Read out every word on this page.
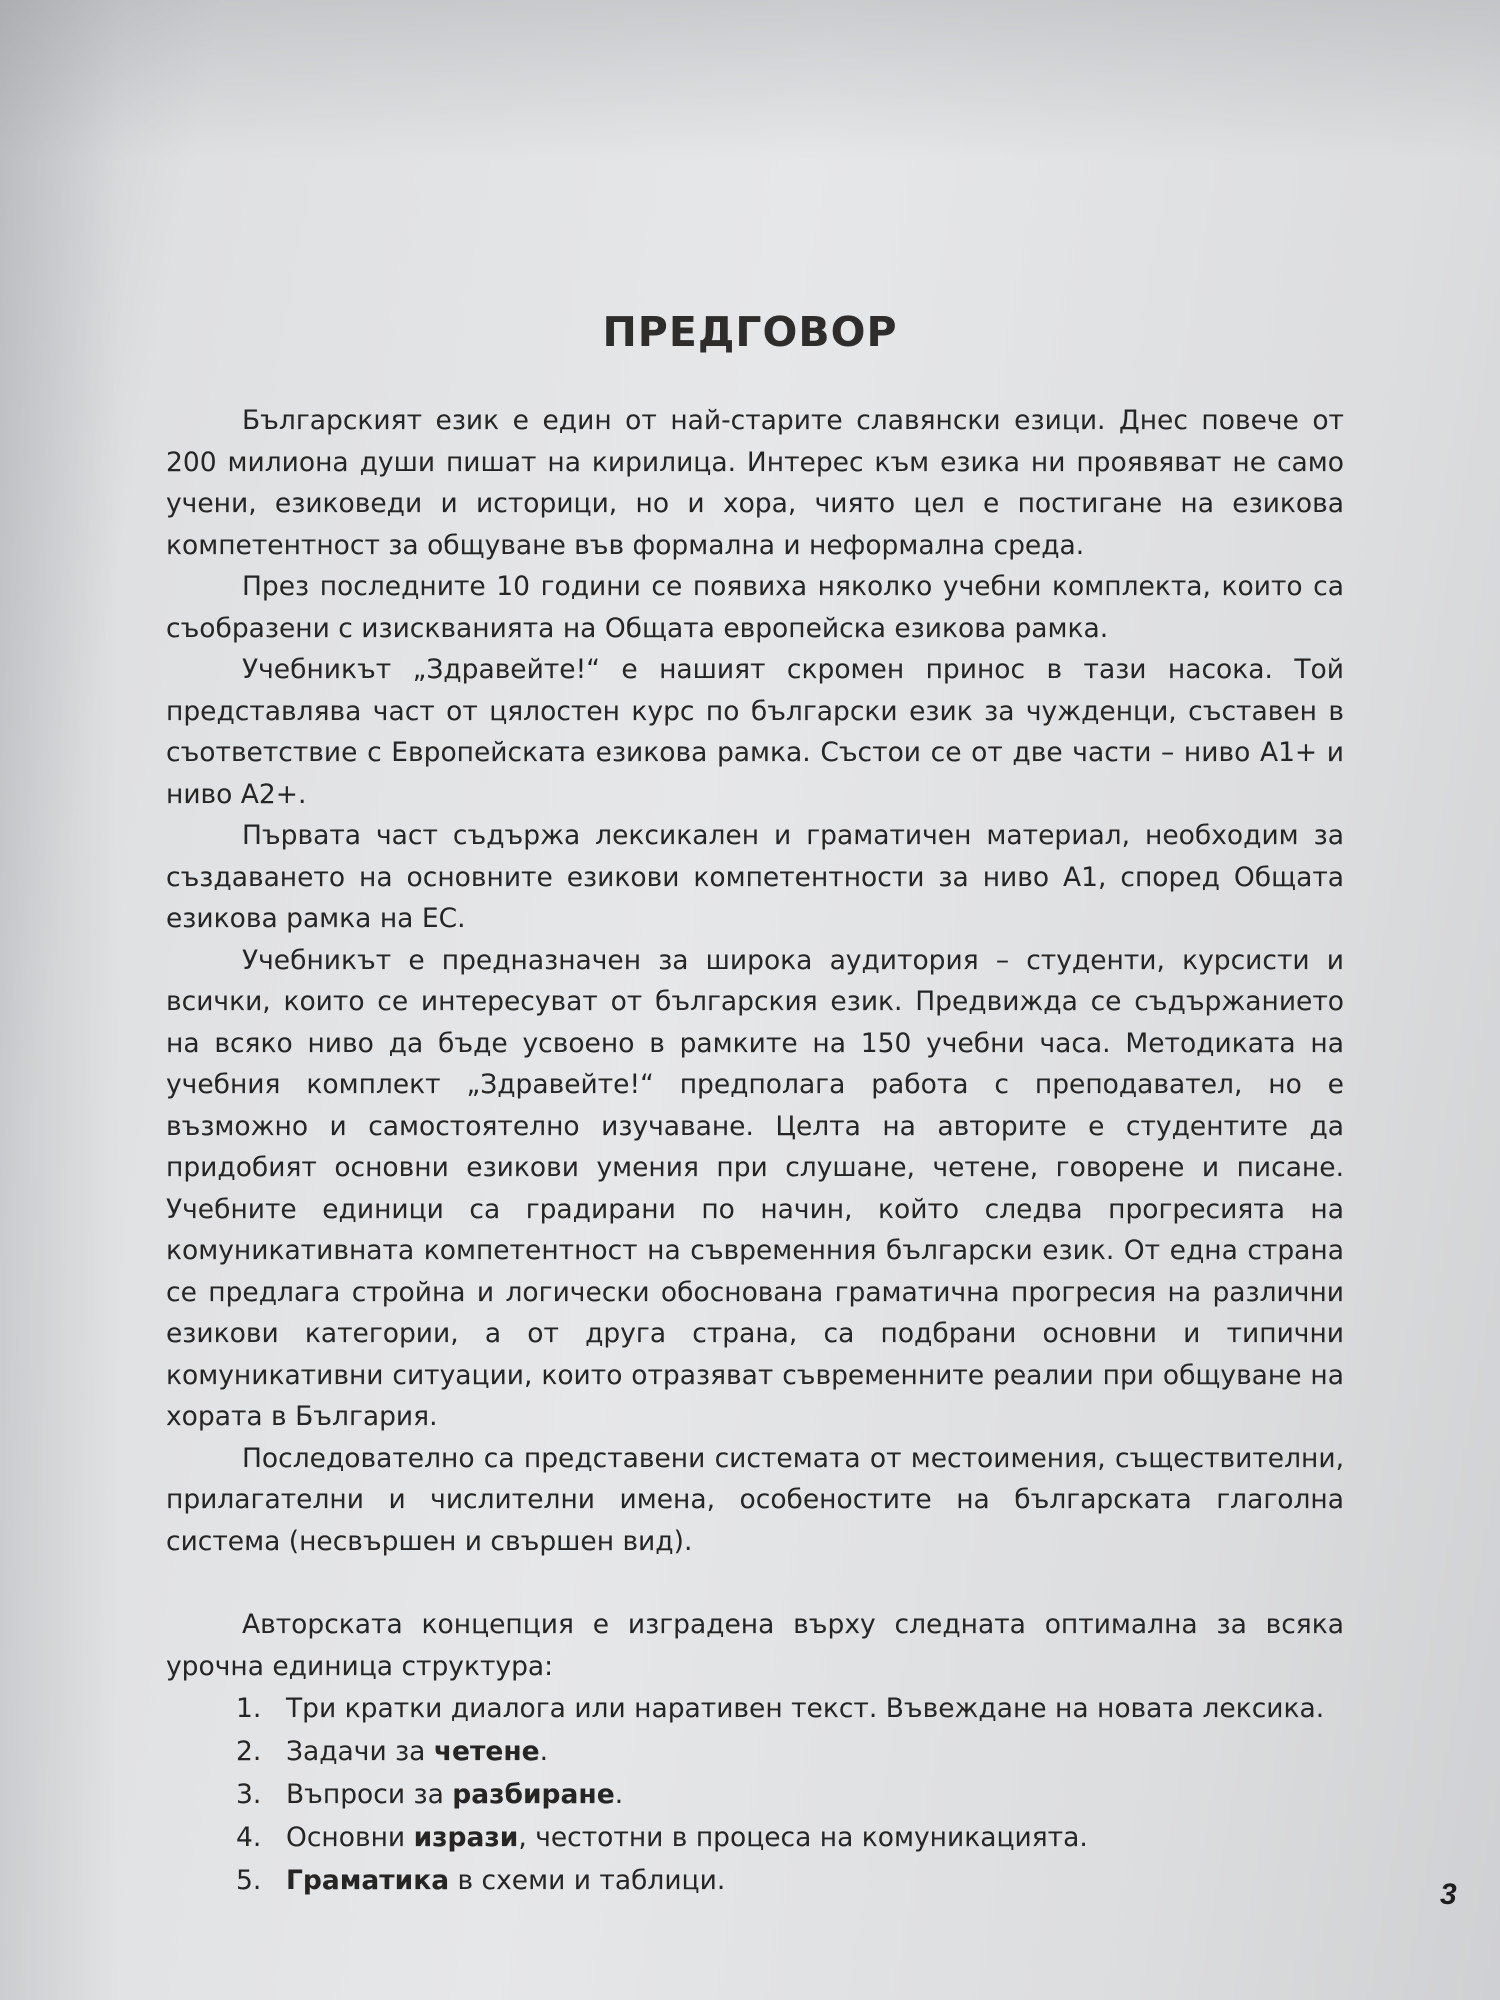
ПРЕДГОВОР

Българският език е един от най-старите славянски езици. Днес повече от 200 милиона души пишат на кирилица. Интерес към езика ни проявяват не само учени, езиковеди и историци, но и хора, чиято цел е постигане на езикова компетентност за общуване във формална и неформална среда.

През последните 10 години се появиха няколко учебни комплекта, които са съобразени с изискванията на Общата европейска езикова рамка.

Учебникът „Здравейте!“ е нашият скромен принос в тази насока. Той представлява част от цялостен курс по български език за чужденци, съставен в съответствие с Европейската езикова рамка. Състои се от две части – ниво А1+ и ниво А2+.

Първата част съдържа лексикален и граматичен материал, необходим за създаването на основните езикови компетентности за ниво А1, според Общата езикова рамка на ЕС.

Учебникът е предназначен за широка аудитория – студенти, курсисти и всички, които се интересуват от българския език. Предвижда се съдържанието на всяко ниво да бъде усвоено в рамките на 150 учебни часа. Методиката на учебния комплект „Здравейте!“ предполага работа с преподавател, но е възможно и самостоятелно изучаване. Целта на авторите е студентите да придобият основни езикови умения при слушане, четене, говорене и писане. Учебните единици са градирани по начин, който следва прогресията на комуникативната компетентност на съвременния български език. От една страна се предлага стройна и логически обоснована граматична прогресия на различни езикови категории, а от друга страна, са подбрани основни и типични комуникативни ситуации, които отразяват съвременните реалии при общуване на хората в България.

Последователно са представени системата от местоимения, съществителни, прилагателни и числителни имена, особеностите на българската глаголна система (несвършен и свършен вид).

Авторската концепция е изградена върху следната оптимална за всяка урочна единица структура:

1. Три кратки диалога или наративен текст. Въвеждане на новата лексика.
2. Задачи за четене.
3. Въпроси за разбиране.
4. Основни изрази, честотни в процеса на комуникацията.
5. Граматика в схеми и таблици.	3
